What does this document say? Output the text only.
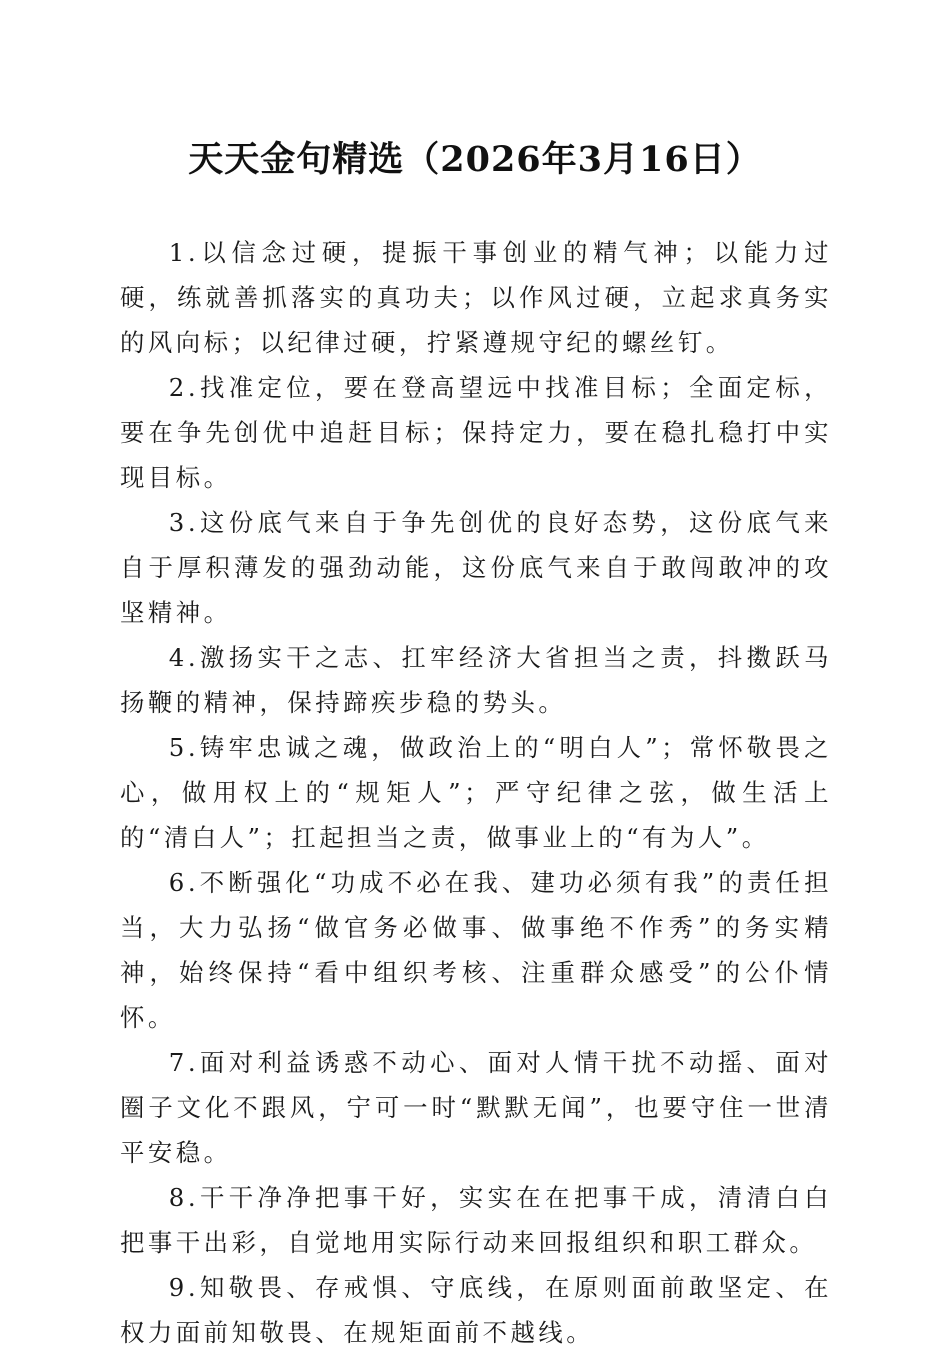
天天金句精选（2026年3月16日）

1.以信念过硬，提振干事创业的精气神；以能力过硬，练就善抓落实的真功夫；以作风过硬，立起求真务实的风向标；以纪律过硬，拧紧遵规守纪的螺丝钉。

2.找准定位，要在登高望远中找准目标；全面定标，要在争先创优中追赶目标；保持定力，要在稳扎稳打中实现目标。

3.这份底气来自于争先创优的良好态势，这份底气来自于厚积薄发的强劲动能，这份底气来自于敢闯敢冲的攻坚精神。

4.激扬实干之志、扛牢经济大省担当之责，抖擞跃马扬鞭的精神，保持蹄疾步稳的势头。

5.铸牢忠诚之魂，做政治上的“明白人”；常怀敬畏之心，做用权上的“规矩人”；严守纪律之弦，做生活上的“清白人”；扛起担当之责，做事业上的“有为人”。

6.不断强化“功成不必在我、建功必须有我”的责任担当，大力弘扬“做官务必做事、做事绝不作秀”的务实精神，始终保持“看中组织考核、注重群众感受”的公仆情怀。

7.面对利益诱惑不动心、面对人情干扰不动摇、面对圈子文化不跟风，宁可一时“默默无闻”，也要守住一世清平安稳。

8.干干净净把事干好，实实在在把事干成，清清白白把事干出彩，自觉地用实际行动来回报组织和职工群众。

9.知敬畏、存戒惧、守底线，在原则面前敢坚定、在权力面前知敬畏、在规矩面前不越线。
